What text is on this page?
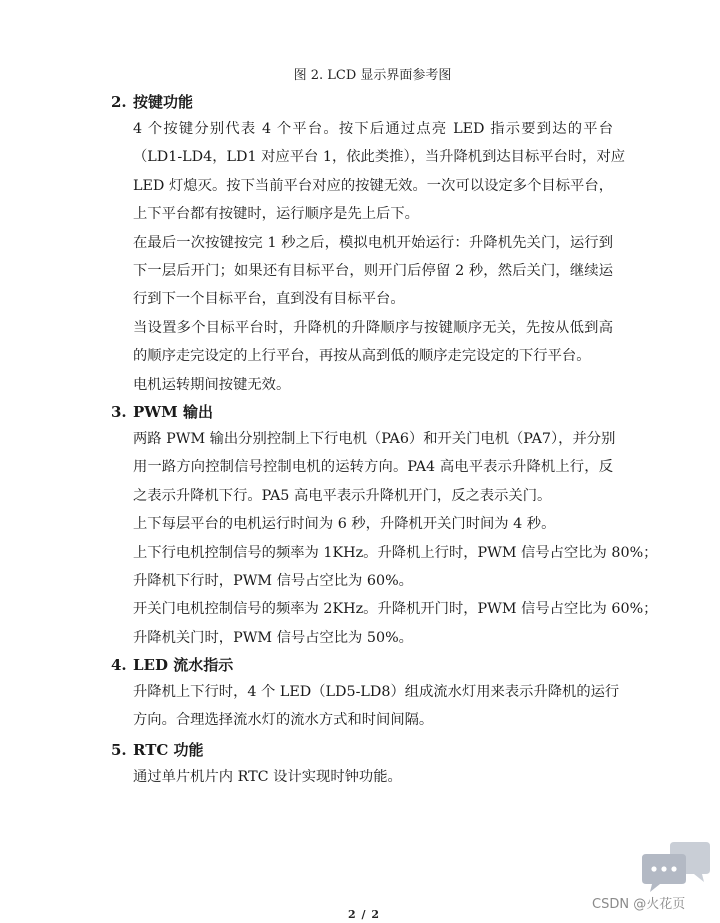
图 2. LCD 显示界面参考图
2. 按键功能
4 个按键分别代表 4 个平台。按下后通过点亮 LED 指示要到达的平台
（LD1-LD4，LD1 对应平台 1，依此类推），当升降机到达目标平台时，对应
LED 灯熄灭。按下当前平台对应的按键无效。一次可以设定多个目标平台，
上下平台都有按键时，运行顺序是先上后下。
在最后一次按键按完 1 秒之后，模拟电机开始运行：升降机先关门，运行到
下一层后开门；如果还有目标平台，则开门后停留 2 秒，然后关门，继续运
行到下一个目标平台，直到没有目标平台。
当设置多个目标平台时，升降机的升降顺序与按键顺序无关，先按从低到高
的顺序走完设定的上行平台，再按从高到低的顺序走完设定的下行平台。
电机运转期间按键无效。
3. PWM 输出
两路 PWM 输出分别控制上下行电机（PA6）和开关门电机（PA7），并分别
用一路方向控制信号控制电机的运转方向。PA4 高电平表示升降机上行，反
之表示升降机下行。PA5 高电平表示升降机开门，反之表示关门。
上下每层平台的电机运行时间为 6 秒，升降机开关门时间为 4 秒。
上下行电机控制信号的频率为 1KHz。升降机上行时，PWM 信号占空比为 80%；
升降机下行时，PWM 信号占空比为 60%。
开关门电机控制信号的频率为 2KHz。升降机开门时，PWM 信号占空比为 60%；
升降机关门时，PWM 信号占空比为 50%。
4. LED 流水指示
升降机上下行时，4 个 LED（LD5-LD8）组成流水灯用来表示升降机的运行
方向。合理选择流水灯的流水方式和时间间隔。
5. RTC 功能
通过单片机片内 RTC 设计实现时钟功能。
2 / 2
CSDN @火花页
